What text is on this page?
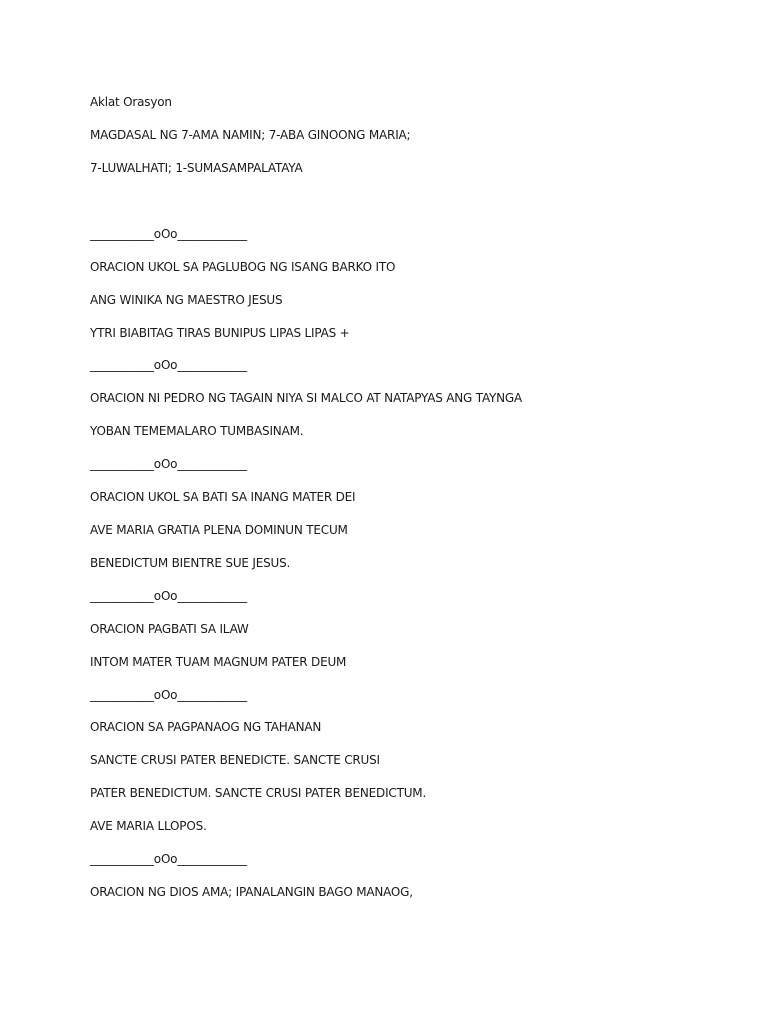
Aklat Orasyon
MAGDASAL NG 7-AMA NAMIN; 7-ABA GINOONG MARIA;
7-LUWALHATI; 1-SUMASAMPALATAYA
___________oOo____________
ORACION UKOL SA PAGLUBOG NG ISANG BARKO ITO
ANG WINIKA NG MAESTRO JESUS
YTRI BIABITAG TIRAS BUNIPUS LIPAS LIPAS +
___________oOo____________
ORACION NI PEDRO NG TAGAIN NIYA SI MALCO AT NATAPYAS ANG TAYNGA
YOBAN TEMEMALARO TUMBASINAM.
___________oOo____________
ORACION UKOL SA BATI SA INANG MATER DEI
AVE MARIA GRATIA PLENA DOMINUN TECUM
BENEDICTUM BIENTRE SUE JESUS.
___________oOo____________
ORACION PAGBATI SA ILAW
INTOM MATER TUAM MAGNUM PATER DEUM
___________oOo____________
ORACION SA PAGPANAOG NG TAHANAN
SANCTE CRUSI PATER BENEDICTE. SANCTE CRUSI
PATER BENEDICTUM. SANCTE CRUSI PATER BENEDICTUM.
AVE MARIA LLOPOS.
___________oOo____________
ORACION NG DIOS AMA; IPANALANGIN BAGO MANAOG,
